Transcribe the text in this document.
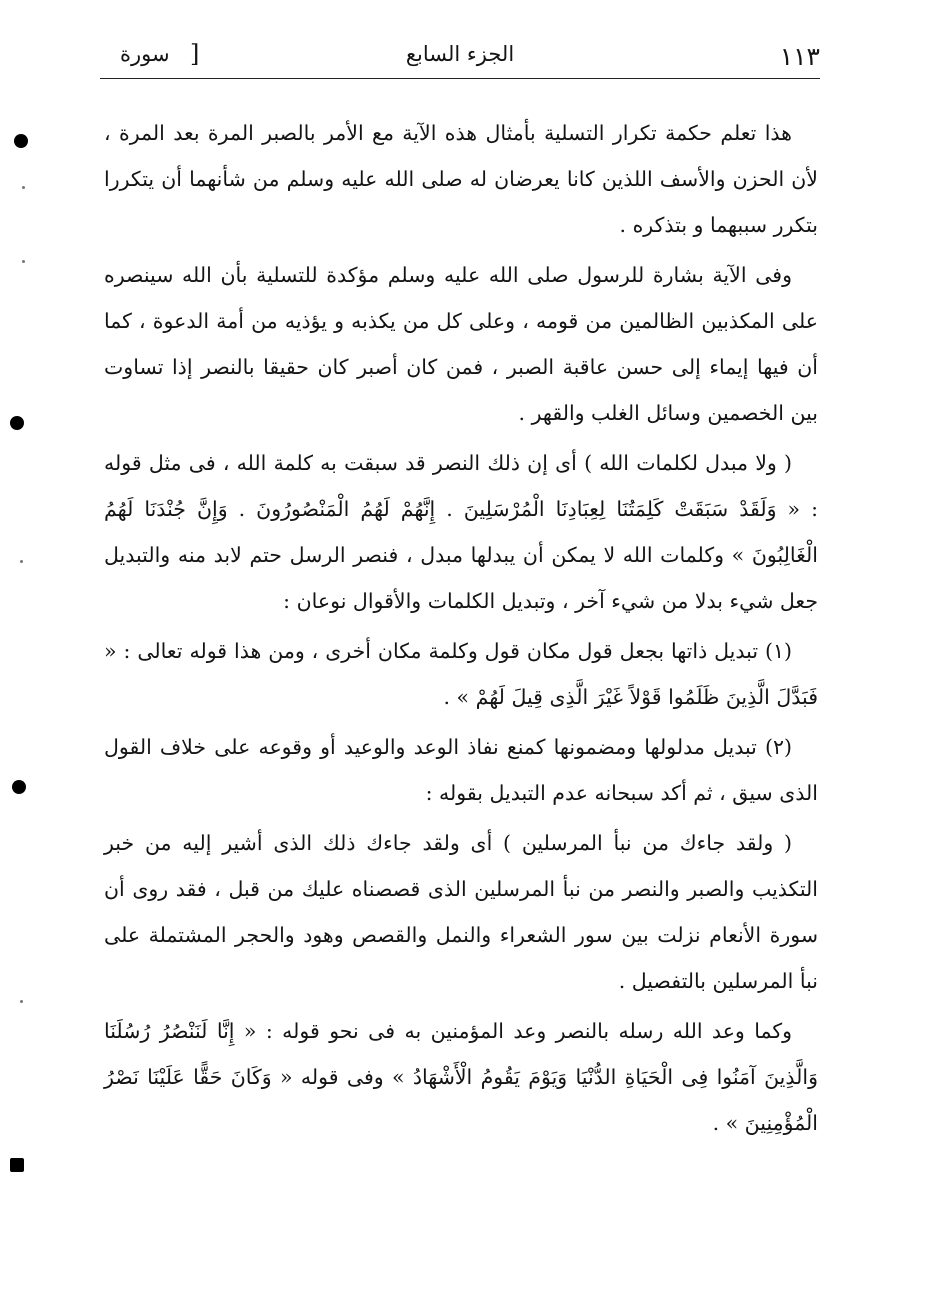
١١٣
الجزء السابع
[
سورة

هذا تعلم حكمة تكرار التسلية بأمثال هذه الآية مع الأمر بالصبر المرة بعد المرة ، لأن الحزن والأسف اللذين كانا يعرضان له صلى الله عليه وسلم من شأنهما أن يتكررا بتكرر سببهما و بتذكره .

وفى الآية بشارة للرسول صلى الله عليه وسلم مؤكدة للتسلية بأن الله سينصره على المكذبين الظالمين من قومه ، وعلى كل من يكذبه و يؤذيه من أمة الدعوة ، كما أن فيها إيماء إلى حسن عاقبة الصبر ، فمن كان أصبر كان حقيقا بالنصر إذا تساوت بين الخصمين وسائل الغلب والقهر .

( ولا مبدل لكلمات الله ) أى إن ذلك النصر قد سبقت به كلمة الله ، فى مثل قوله : « وَلَقَدْ سَبَقَتْ كَلِمَتُنَا لِعِبَادِنَا الْمُرْسَلِينَ . إِنَّهُمْ لَهُمُ الْمَنْصُورُونَ . وَإِنَّ جُنْدَنَا لَهُمُ الْغَالِبُونَ » وكلمات الله لا يمكن أن يبدلها مبدل ، فنصر الرسل حتم لابد منه والتبديل جعل شيء بدلا من شيء آخر ، وتبديل الكلمات والأقوال نوعان :

(١) تبديل ذاتها بجعل قول مكان قول وكلمة مكان أخرى ، ومن هذا قوله تعالى : « فَبَدَّلَ الَّذِينَ ظَلَمُوا قَوْلاً غَيْرَ الَّذِى قِيلَ لَهُمْ » .

(٢) تبديل مدلولها ومضمونها كمنع نفاذ الوعد والوعيد أو وقوعه على خلاف القول الذى سيق ، ثم أكد سبحانه عدم التبديل بقوله :

( ولقد جاءك من نبأ المرسلين ) أى ولقد جاءك ذلك الذى أشير إليه من خبر التكذيب والصبر والنصر من نبأ المرسلين الذى قصصناه عليك من قبل ، فقد روى أن سورة الأنعام نزلت بين سور الشعراء والنمل والقصص وهود والحجر المشتملة على نبأ المرسلين بالتفصيل .

وكما وعد الله رسله بالنصر وعد المؤمنين به فى نحو قوله : « إِنَّا لَنَنْصُرُ رُسُلَنَا وَالَّذِينَ آمَنُوا فِى الْحَيَاةِ الدُّنْيَا وَيَوْمَ يَقُومُ الْأَشْهَادُ » وفى قوله « وَكَانَ حَقًّا عَلَيْنَا نَصْرُ الْمُؤْمِنِينَ » .
